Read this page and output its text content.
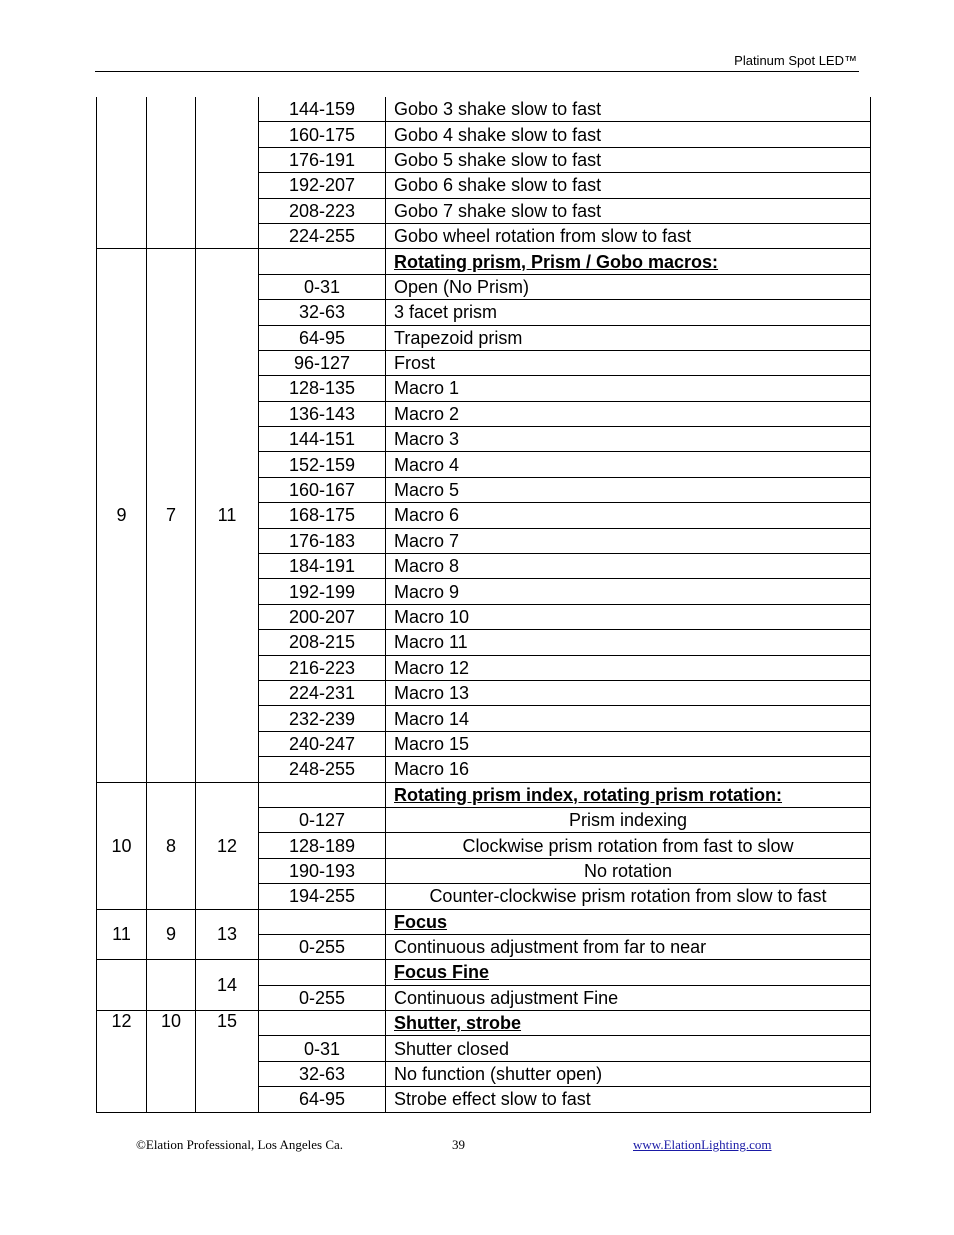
Platinum Spot LED™
			144-159	Gobo 3 shake slow to fast
			160-175	Gobo 4 shake slow to fast
			176-191	Gobo 5 shake slow to fast
			192-207	Gobo 6 shake slow to fast
			208-223	Gobo 7 shake slow to fast
			224-255	Gobo wheel rotation from slow to fast
9	7	11		Rotating prism, Prism / Gobo macros:
			0-31	Open (No Prism)
			32-63	3 facet prism
			64-95	Trapezoid prism
			96-127	Frost
			128-135	Macro 1
			136-143	Macro 2
			144-151	Macro 3
			152-159	Macro 4
			160-167	Macro 5
			168-175	Macro 6
			176-183	Macro 7
			184-191	Macro 8
			192-199	Macro 9
			200-207	Macro 10
			208-215	Macro 11
			216-223	Macro 12
			224-231	Macro 13
			232-239	Macro 14
			240-247	Macro 15
			248-255	Macro 16
10	8	12		Rotating prism index, rotating prism rotation:
			0-127	Prism indexing
			128-189	Clockwise prism rotation from fast to slow
			190-193	No rotation
			194-255	Counter-clockwise prism rotation from slow to fast
11	9	13		Focus
			0-255	Continuous adjustment from far to near
		14		Focus Fine
			0-255	Continuous adjustment Fine
12	10	15		Shutter, strobe
			0-31	Shutter closed
			32-63	No function (shutter open)
			64-95	Strobe effect slow to fast
©Elation Professional, Los Angeles Ca.	39	www.ElationLighting.com
